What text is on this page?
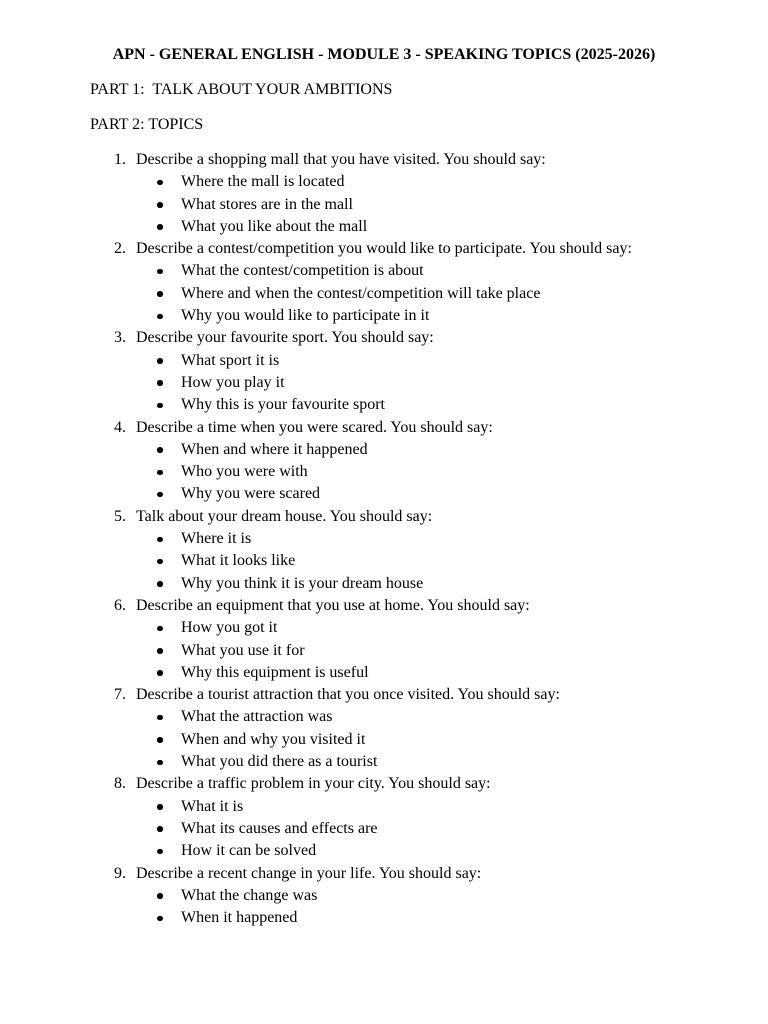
APN - GENERAL ENGLISH - MODULE 3 - SPEAKING TOPICS (2025-2026)

PART 1:  TALK ABOUT YOUR AMBITIONS

PART 2: TOPICS

1. Describe a shopping mall that you have visited. You should say:
Where the mall is located
What stores are in the mall
What you like about the mall
2. Describe a contest/competition you would like to participate. You should say:
What the contest/competition is about
Where and when the contest/competition will take place
Why you would like to participate in it
3. Describe your favourite sport. You should say:
What sport it is
How you play it
Why this is your favourite sport
4. Describe a time when you were scared. You should say:
When and where it happened
Who you were with
Why you were scared
5. Talk about your dream house. You should say:
Where it is
What it looks like
Why you think it is your dream house
6. Describe an equipment that you use at home. You should say:
How you got it
What you use it for
Why this equipment is useful
7. Describe a tourist attraction that you once visited. You should say:
What the attraction was
When and why you visited it
What you did there as a tourist
8. Describe a traffic problem in your city. You should say:
What it is
What its causes and effects are
How it can be solved
9. Describe a recent change in your life. You should say:
What the change was
When it happened
